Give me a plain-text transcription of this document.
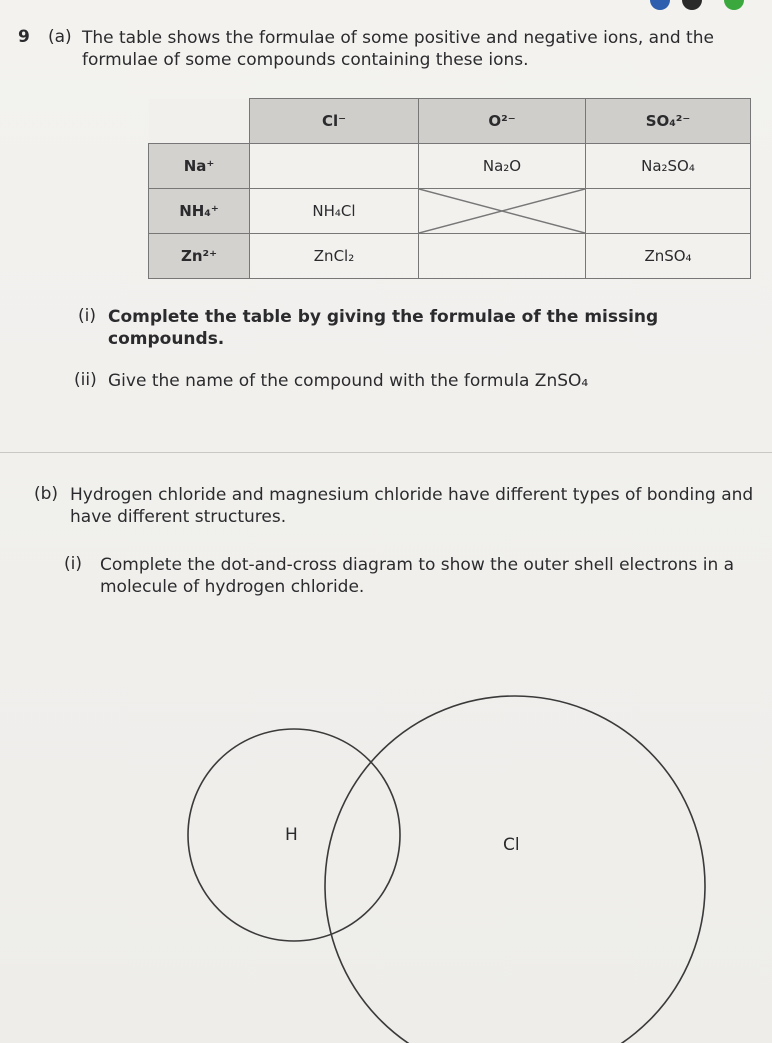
9 (a) The table shows the formulae of some positive and negative ions, and the
formulae of some compounds containing these ions.
	Cl⁻	O²⁻	SO₄²⁻
Na⁺		Na₂O	Na₂SO₄
NH₄⁺	NH₄Cl	

Zn²⁺	ZnCl₂		ZnSO₄
(i) Complete the table by giving the formulae of the missing compounds.
(ii) Give the name of the compound with the formula ZnSO₄
(b) Hydrogen chloride and magnesium chloride have different types of bonding and
have different structures.
(i) Complete the dot-and-cross diagram to show the outer shell electrons in a
molecule of hydrogen chloride.
H	Cl
